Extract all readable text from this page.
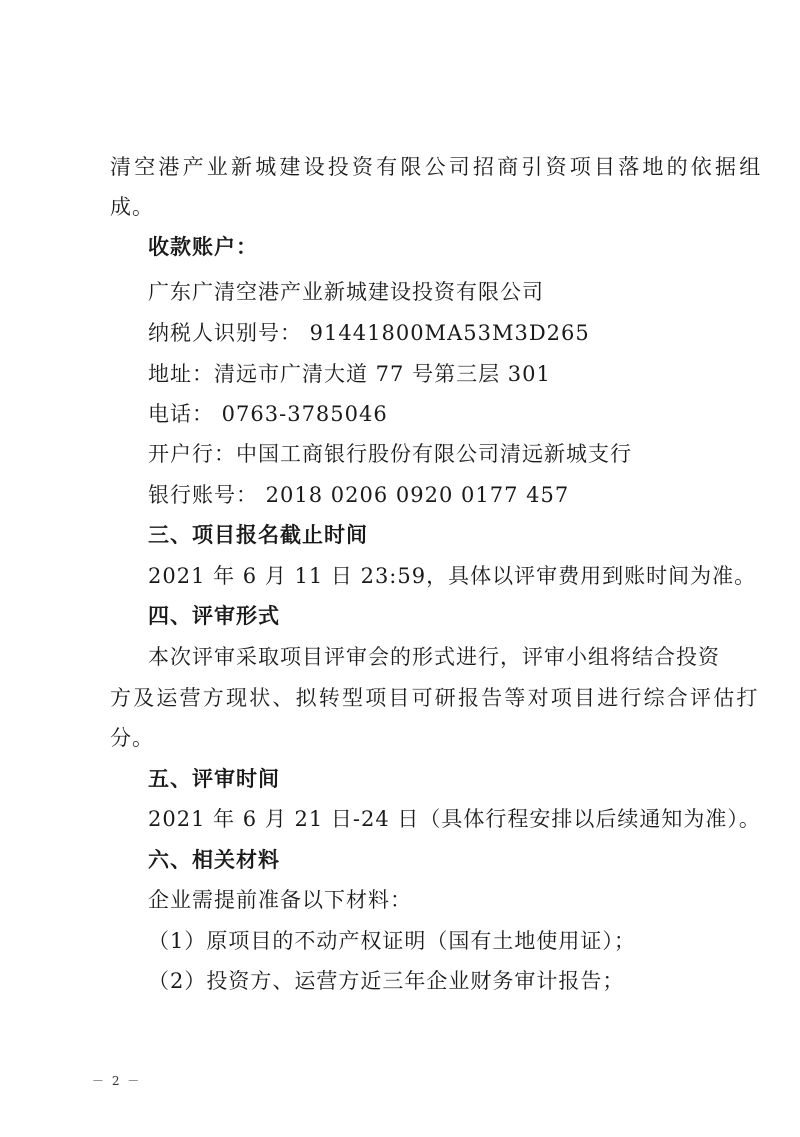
清空港产业新城建设投资有限公司招商引资项目落地的依据组
成。
收款账户：
广东广清空港产业新城建设投资有限公司
纳税人识别号： 91441800MA53M3D265
地址：清远市广清大道 77 号第三层 301
电话： 0763-3785046
开户行：中国工商银行股份有限公司清远新城支行
银行账号： 2018 0206 0920 0177 457
三、项目报名截止时间
2021 年 6 月 11 日 23:59，具体以评审费用到账时间为准。
四、评审形式
本次评审采取项目评审会的形式进行，评审小组将结合投资
方及运营方现状、拟转型项目可研报告等对项目进行综合评估打
分。
五、评审时间
2021 年 6 月 21 日-24 日（具体行程安排以后续通知为准）。
六、相关材料
企业需提前准备以下材料：
（1）原项目的不动产权证明（国有土地使用证）；
（2）投资方、运营方近三年企业财务审计报告；
－ 2 －
